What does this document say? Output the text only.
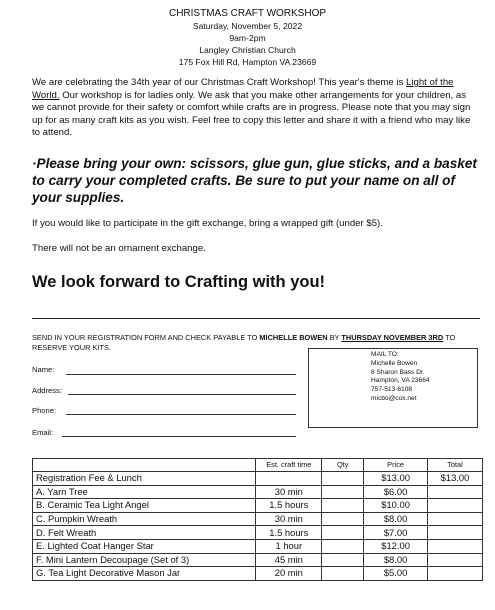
CHRISTMAS CRAFT WORKSHOP
Saturday, November 5, 2022
9am-2pm
Langley Christian Church
175 Fox Hill Rd, Hampton VA 23669
We are celebrating the 34th year of our Christmas Craft Workshop! This year's theme is Light of the World. Our workshop is for ladies only. We ask that you make other arrangements for your children, as we cannot provide for their safety or comfort while crafts are in progress. Please note that you may sign up for as many craft kits as you wish. Feel free to copy this letter and share it with a friend who may like to attend.
·Please bring your own: scissors, glue gun, glue sticks, and a basket to carry your completed crafts. Be sure to put your name on all of your supplies.
If you would like to participate in the gift exchange, bring a wrapped gift (under $5).
There will not be an ornament exchange.
We look forward to Crafting with you!
SEND IN YOUR REGISTRATION FORM AND CHECK PAYABLE TO MICHELLE BOWEN BY THURSDAY NOVEMBER 3RD TO RESERVE YOUR KITS.
Name:
Address:
Phone:
Email:
MAIL TO:
Michelle Bowen
8 Sharon Bass Dr.
Hampton, VA 23664
757-513-6108
micbo@cox.net
	Est. craft time	Qty	Price	Total
Registration Fee & Lunch			$13.00	$13.00
A. Yarn Tree	30 min		$6.00	
B. Ceramic Tea Light Angel	1.5 hours		$10.00	
C. Pumpkin Wreath	30 min		$8.00	
D. Felt Wreath	1.5 hours		$7.00	
E. Lighted Coat Hanger Star	1 hour		$12.00	
F. Mini Lantern Decoupage (Set of 3)	45 min		$8.00	
G. Tea Light Decorative Mason Jar	20 min		$5.00	
